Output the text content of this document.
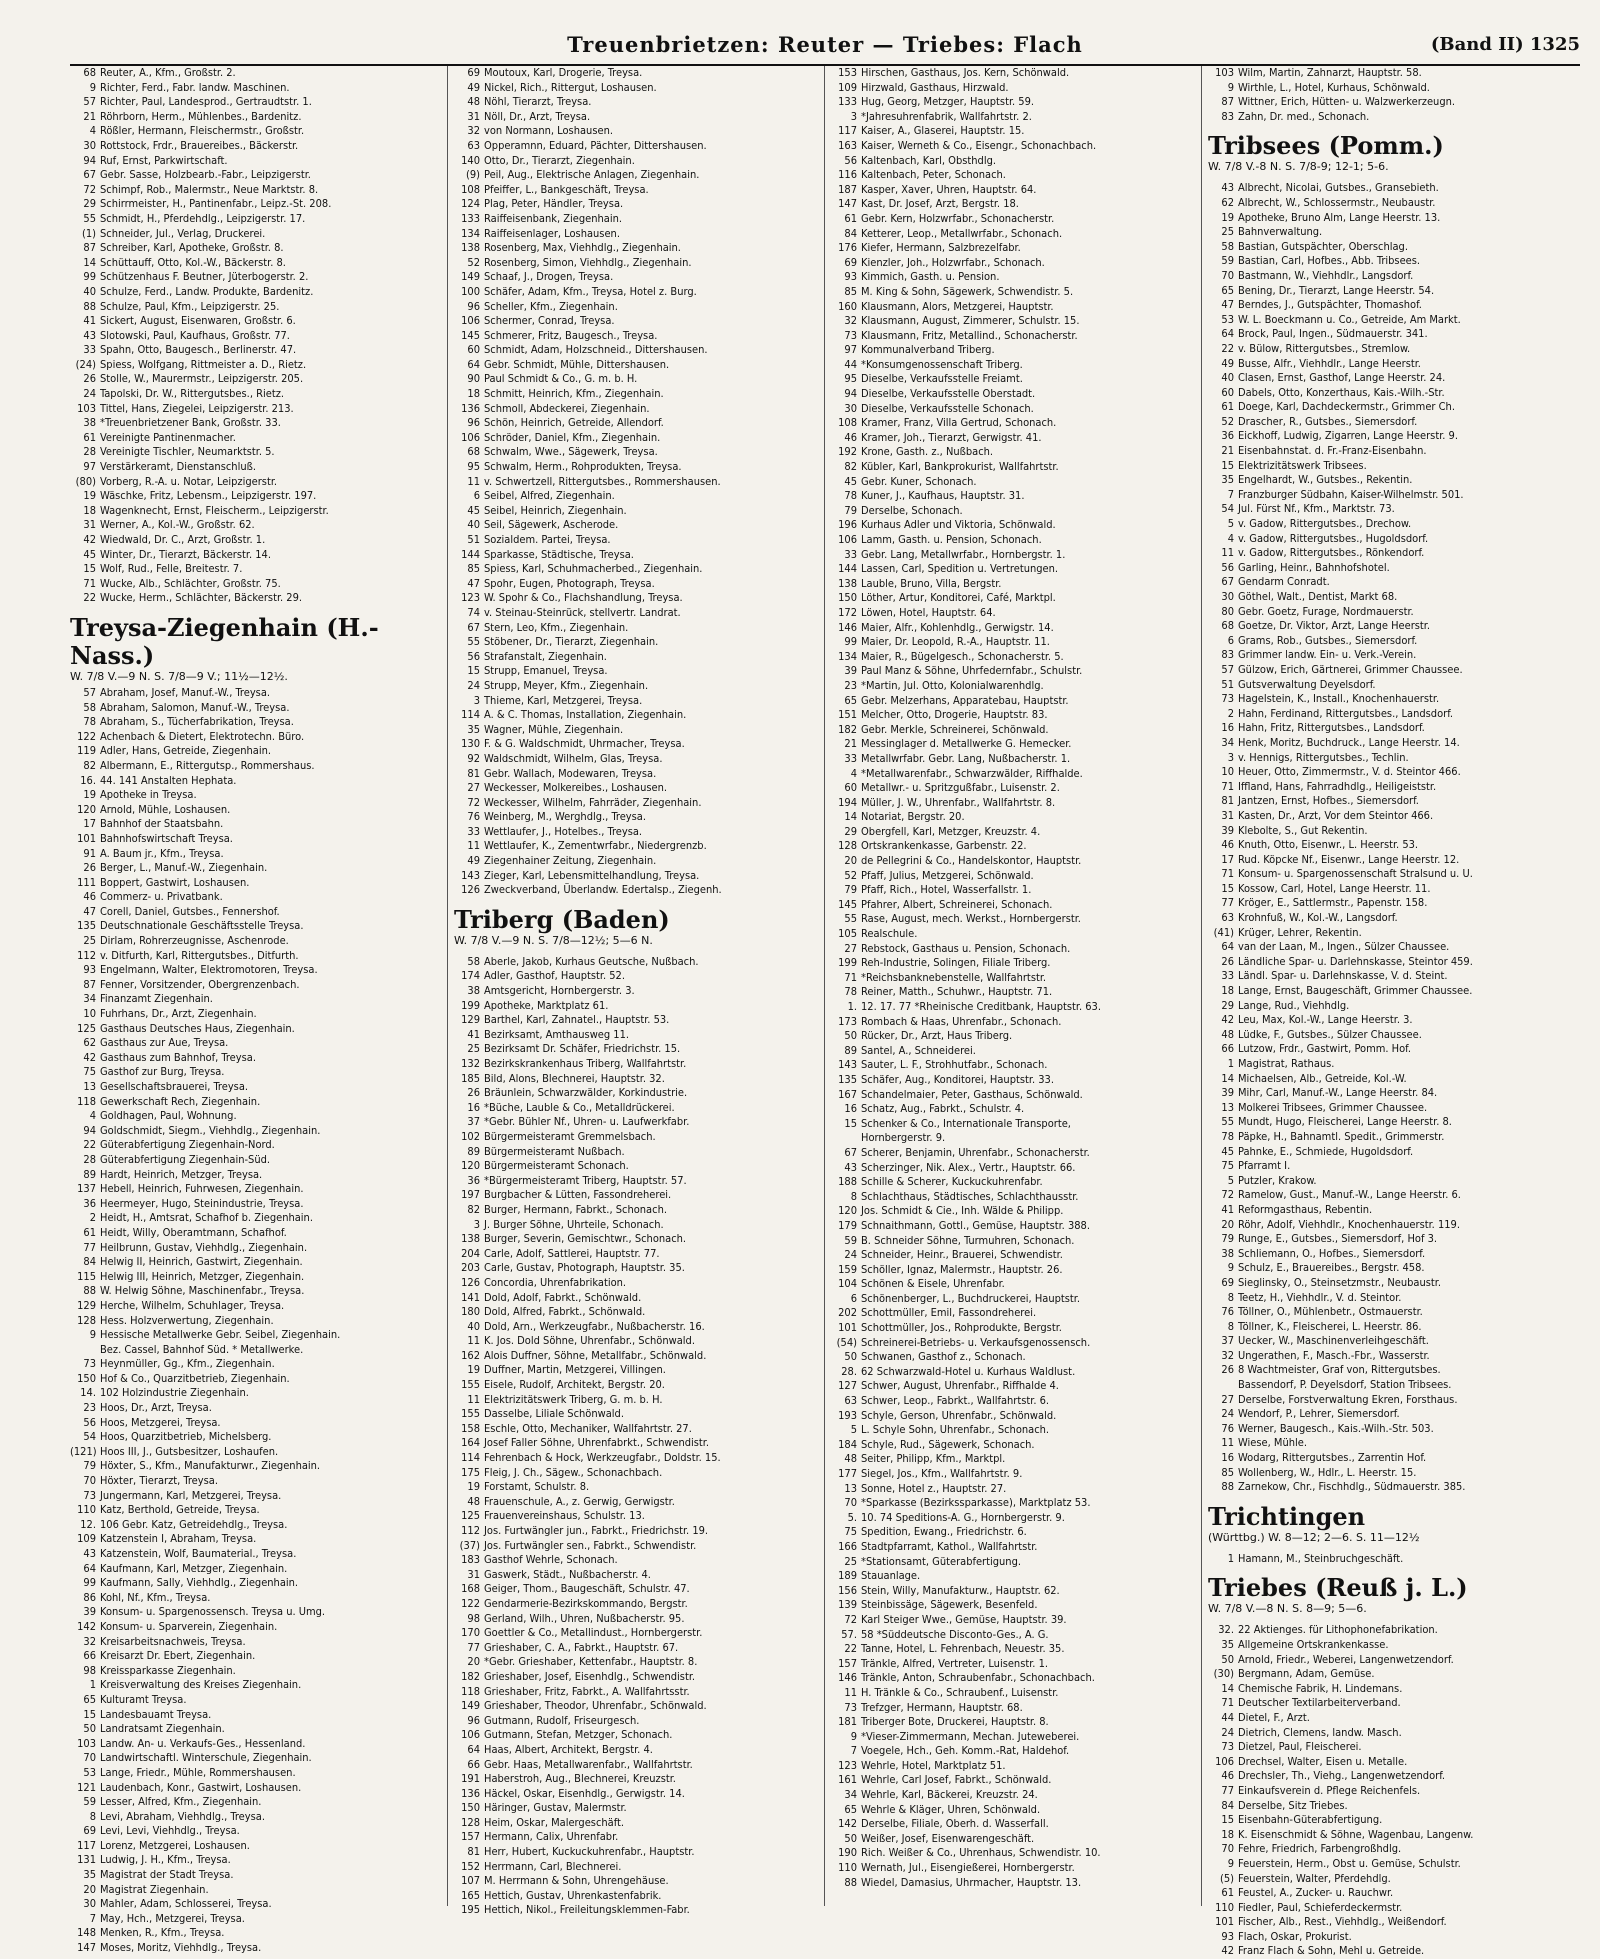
Treuenbrietzen: Reuter — Triebes: Flach	(Band II) 1325
68 Reuter, A., Kfm., Großstr. 2.
9 Richter, Ferd., Fabr. landw. Maschinen.
57 Richter, Paul, Landesprod., Gertraudtstr. 1.
21 Röhrborn, Herm., Mühlenbes., Bardenitz.
4 Rößler, Hermann, Fleischermstr., Großstr.
30 Rottstock, Frdr., Brauereibes., Bäckerstr.
94 Ruf, Ernst, Parkwirtschaft.
67 Gebr. Sasse, Holzbearb.-Fabr., Leipzigerstr.
72 Schimpf, Rob., Malermstr., Neue Marktstr. 8.
29 Schirrmeister, H., Pantinenfabr., Leipz.-St. 208.
55 Schmidt, H., Pferdehdlg., Leipzigerstr. 17.
(1) Schneider, Jul., Verlag, Druckerei.
87 Schreiber, Karl, Apotheke, Großstr. 8.
14 Schüttauff, Otto, Kol.-W., Bäckerstr. 8.
99 Schützenhaus F. Beutner, Jüterbogerstr. 2.
40 Schulze, Ferd., Landw. Produkte, Bardenitz.
88 Schulze, Paul, Kfm., Leipzigerstr. 25.
41 Sickert, August, Eisenwaren, Großstr. 6.
43 Slotowski, Paul, Kaufhaus, Großstr. 77.
33 Spahn, Otto, Baugesch., Berlinerstr. 47.
(24) Spiess, Wolfgang, Rittmeister a. D., Rietz.
26 Stolle, W., Maurermstr., Leipzigerstr. 205.
24 Tapolski, Dr. W., Rittergutsbes., Rietz.
103 Tittel, Hans, Ziegelei, Leipzigerstr. 213.
38 *Treuenbrietzener Bank, Großstr. 33.
61 Vereinigte Pantinenmacher.
28 Vereinigte Tischler, Neumarktstr. 5.
97 Verstärkeramt, Dienstanschluß.
(80) Vorberg, R.-A. u. Notar, Leipzigerstr.
19 Wäschke, Fritz, Lebensm., Leipzigerstr. 197.
18 Wagenknecht, Ernst, Fleischerm., Leipzigerstr.
31 Werner, A., Kol.-W., Großstr. 62.
42 Wiedwald, Dr. C., Arzt, Großstr. 1.
45 Winter, Dr., Tierarzt, Bäckerstr. 14.
15 Wolf, Rud., Felle, Breitestr. 7.
71 Wucke, Alb., Schlächter, Großstr. 75.
22 Wucke, Herm., Schlächter, Bäckerstr. 29.
Treysa-Ziegenhain (H.-Nass.)
W. 7/8 V.—9 N. S. 7/8—9 V.; 11½—12½.
57 Abraham, Josef, Manuf.-W., Treysa.
58 Abraham, Salomon, Manuf.-W., Treysa.
78 Abraham, S., Tücherfabrikation, Treysa.
122 Achenbach & Dietert, Elektrotechn. Büro.
119 Adler, Hans, Getreide, Ziegenhain.
82 Albermann, E., Rittergutsp., Rommershaus.
16. 44. 141 Anstalten Hephata.
19 Apotheke in Treysa.
120 Arnold, Mühle, Loshausen.
17 Bahnhof der Staatsbahn.
101 Bahnhofswirtschaft Treysa.
91 A. Baum jr., Kfm., Treysa.
26 Berger, L., Manuf.-W., Ziegenhain.
111 Boppert, Gastwirt, Loshausen.
46 Commerz- u. Privatbank.
47 Corell, Daniel, Gutsbes., Fennershof.
135 Deutschnationale Geschäftsstelle Treysa.
25 Dirlam, Rohrerzeugnisse, Aschenrode.
112 v. Ditfurth, Karl, Rittergutsbes., Ditfurth.
93 Engelmann, Walter, Elektromotoren, Treysa.
87 Fenner, Vorsitzender, Obergrenzenbach.
34 Finanzamt Ziegenhain.
10 Fuhrhans, Dr., Arzt, Ziegenhain.
125 Gasthaus Deutsches Haus, Ziegenhain.
62 Gasthaus zur Aue, Treysa.
42 Gasthaus zum Bahnhof, Treysa.
75 Gasthof zur Burg, Treysa.
13 Gesellschaftsbrauerei, Treysa.
118 Gewerkschaft Rech, Ziegenhain.
4 Goldhagen, Paul, Wohnung.
94 Goldschmidt, Siegm., Viehhdlg., Ziegenhain.
22 Güterabfertigung Ziegenhain-Nord.
28 Güterabfertigung Ziegenhain-Süd.
89 Hardt, Heinrich, Metzger, Treysa.
137 Hebell, Heinrich, Fuhrwesen, Ziegenhain.
36 Heermeyer, Hugo, Steinindustrie, Treysa.
2 Heidt, H., Amtsrat, Schafhof b. Ziegenhain.
61 Heidt, Willy, Oberamtmann, Schafhof.
77 Heilbrunn, Gustav, Viehhdlg., Ziegenhain.
84 Helwig II, Heinrich, Gastwirt, Ziegenhain.
115 Helwig III, Heinrich, Metzger, Ziegenhain.
88 W. Helwig Söhne, Maschinenfabr., Treysa.
129 Herche, Wilhelm, Schuhlager, Treysa.
128 Hess. Holzverwertung, Ziegenhain.
9 Hessische Metallwerke Gebr. Seibel, Ziegenhain.
Bez. Cassel, Bahnhof Süd. * Metallwerke.
73 Heynmüller, Gg., Kfm., Ziegenhain.
150 Hof & Co., Quarzitbetrieb, Ziegenhain.
14. 102 Holzindustrie Ziegenhain.
23 Hoos, Dr., Arzt, Treysa.
56 Hoos, Metzgerei, Treysa.
54 Hoos, Quarzitbetrieb, Michelsberg.
(121) Hoos III, J., Gutsbesitzer, Loshaufen.
79 Höxter, S., Kfm., Manufakturwr., Ziegenhain.
70 Höxter, Tierarzt, Treysa.
73 Jungermann, Karl, Metzgerei, Treysa.
110 Katz, Berthold, Getreide, Treysa.
12. 106 Gebr. Katz, Getreidehdlg., Treysa.
109 Katzenstein I, Abraham, Treysa.
43 Katzenstein, Wolf, Baumaterial., Treysa.
64 Kaufmann, Karl, Metzger, Ziegenhain.
99 Kaufmann, Sally, Viehhdlg., Ziegenhain.
86 Kohl, Nf., Kfm., Treysa.
39 Konsum- u. Spargenossensch. Treysa u. Umg.
142 Konsum- u. Sparverein, Ziegenhain.
32 Kreisarbeitsnachweis, Treysa.
66 Kreisarzt Dr. Ebert, Ziegenhain.
98 Kreissparkasse Ziegenhain.
1 Kreisverwaltung des Kreises Ziegenhain.
65 Kulturamt Treysa.
15 Landesbauamt Treysa.
50 Landratsamt Ziegenhain.
103 Landw. An- u. Verkaufs-Ges., Hessenland.
70 Landwirtschaftl. Winterschule, Ziegenhain.
53 Lange, Friedr., Mühle, Rommershausen.
121 Laudenbach, Konr., Gastwirt, Loshausen.
59 Lesser, Alfred, Kfm., Ziegenhain.
8 Levi, Abraham, Viehhdlg., Treysa.
69 Levi, Levi, Viehhdlg., Treysa.
117 Lorenz, Metzgerei, Loshausen.
131 Ludwig, J. H., Kfm., Treysa.
35 Magistrat der Stadt Treysa.
20 Magistrat Ziegenhain.
30 Mahler, Adam, Schlosserei, Treysa.
7 May, Hch., Metzgerei, Treysa.
148 Menken, R., Kfm., Treysa.
147 Moses, Moritz, Viehhdlg., Treysa.
69 Moutoux, Karl, Drogerie, Treysa.
49 Nickel, Rich., Rittergut, Loshausen.
48 Nöhl, Tierarzt, Treysa.
31 Nöll, Dr., Arzt, Treysa.
32 von Normann, Loshausen.
63 Opperamnn, Eduard, Pächter, Dittershausen.
140 Otto, Dr., Tierarzt, Ziegenhain.
(9) Peil, Aug., Elektrische Anlagen, Ziegenhain.
108 Pfeiffer, L., Bankgeschäft, Treysa.
124 Plag, Peter, Händler, Treysa.
133 Raiffeisenbank, Ziegenhain.
134 Raiffeisenlager, Loshausen.
138 Rosenberg, Max, Viehhdlg., Ziegenhain.
52 Rosenberg, Simon, Viehhdlg., Ziegenhain.
149 Schaaf, J., Drogen, Treysa.
100 Schäfer, Adam, Kfm., Treysa, Hotel z. Burg.
96 Scheller, Kfm., Ziegenhain.
106 Schermer, Conrad, Treysa.
145 Schmerer, Fritz, Baugesch., Treysa.
60 Schmidt, Adam, Holzschneid., Dittershausen.
64 Gebr. Schmidt, Mühle, Dittershausen.
90 Paul Schmidt & Co., G. m. b. H.
18 Schmitt, Heinrich, Kfm., Ziegenhain.
136 Schmoll, Abdeckerei, Ziegenhain.
96 Schön, Heinrich, Getreide, Allendorf.
106 Schröder, Daniel, Kfm., Ziegenhain.
68 Schwalm, Wwe., Sägewerk, Treysa.
95 Schwalm, Herm., Rohprodukten, Treysa.
11 v. Schwertzell, Rittergutsbes., Rommershausen.
6 Seibel, Alfred, Ziegenhain.
45 Seibel, Heinrich, Ziegenhain.
40 Seil, Sägewerk, Ascherode.
51 Sozialdem. Partei, Treysa.
144 Sparkasse, Städtische, Treysa.
85 Spiess, Karl, Schuhmacherbed., Ziegenhain.
47 Spohr, Eugen, Photograph, Treysa.
123 W. Spohr & Co., Flachshandlung, Treysa.
74 v. Steinau-Steinrück, stellvertr. Landrat.
67 Stern, Leo, Kfm., Ziegenhain.
55 Stöbener, Dr., Tierarzt, Ziegenhain.
56 Strafanstalt, Ziegenhain.
15 Strupp, Emanuel, Treysa.
24 Strupp, Meyer, Kfm., Ziegenhain.
3 Thieme, Karl, Metzgerei, Treysa.
114 A. & C. Thomas, Installation, Ziegenhain.
35 Wagner, Mühle, Ziegenhain.
130 F. & G. Waldschmidt, Uhrmacher, Treysa.
92 Waldschmidt, Wilhelm, Glas, Treysa.
81 Gebr. Wallach, Modewaren, Treysa.
27 Weckesser, Molkereibes., Loshausen.
72 Weckesser, Wilhelm, Fahrräder, Ziegenhain.
76 Weinberg, M., Werghdlg., Treysa.
33 Wettlaufer, J., Hotelbes., Treysa.
11 Wettlaufer, K., Zementwrfabr., Niedergrenzb.
49 Ziegenhainer Zeitung, Ziegenhain.
143 Zieger, Karl, Lebensmittelhandlung, Treysa.
126 Zweckverband, Überlandw. Edertalsp., Ziegenh.
Triberg (Baden)W. 7/8 V.—9 N. S. 7/8—12½; 5—6 N.
58 Aberle, Jakob, Kurhaus Geutsche, Nußbach.
174 Adler, Gasthof, Hauptstr. 52.
38 Amtsgericht, Hornbergerstr. 3.
199 Apotheke, Marktplatz 61.
129 Barthel, Karl, Zahnatel., Hauptstr. 53.
41 Bezirksamt, Amthausweg 11.
25 Bezirksamt Dr. Schäfer, Friedrichstr. 15.
132 Bezirkskrankenhaus Triberg, Wallfahrtstr.
185 Bild, Alons, Blechnerei, Hauptstr. 32.
26 Bräunlein, Schwarzwälder, Korkindustrie.
16 *Büche, Lauble & Co., Metalldrückerei.
37 *Gebr. Bühler Nf., Uhren- u. Laufwerkfabr.
102 Bürgermeisteramt Gremmelsbach.
89 Bürgermeisteramt Nußbach.
120 Bürgermeisteramt Schonach.
36 *Bürgermeisteramt Triberg, Hauptstr. 57.
197 Burgbacher & Lütten, Fassondreherei.
82 Burger, Hermann, Fabrkt., Schonach.
3 J. Burger Söhne, Uhrteile, Schonach.
138 Burger, Severin, Gemischtwr., Schonach.
204 Carle, Adolf, Sattlerei, Hauptstr. 77.
203 Carle, Gustav, Photograph, Hauptstr. 35.
126 Concordia, Uhrenfabrikation.
141 Dold, Adolf, Fabrkt., Schönwald.
180 Dold, Alfred, Fabrkt., Schönwald.
40 Dold, Arn., Werkzeugfabr., Nußbacherstr. 16.
11 K. Jos. Dold Söhne, Uhrenfabr., Schönwald.
162 Alois Duffner, Söhne, Metallfabr., Schönwald.
19 Duffner, Martin, Metzgerei, Villingen.
155 Eisele, Rudolf, Architekt, Bergstr. 20.
11 Elektrizitätswerk Triberg, G. m. b. H.
155 Dasselbe, Liliale Schönwald.
158 Eschle, Otto, Mechaniker, Wallfahrtstr. 27.
164 Josef Faller Söhne, Uhrenfabrkt., Schwendistr.
114 Fehrenbach & Hock, Werkzeugfabr., Doldstr. 15.
175 Fleig, J. Ch., Sägew., Schonachbach.
19 Forstamt, Schulstr. 8.
48 Frauenschule, A., z. Gerwig, Gerwigstr.
125 Frauenvereinshaus, Schulstr. 13.
112 Jos. Furtwängler jun., Fabrkt., Friedrichstr. 19.
(37) Jos. Furtwängler sen., Fabrkt., Schwendistr.
183 Gasthof Wehrle, Schonach.
31 Gaswerk, Städt., Nußbacherstr. 4.
168 Geiger, Thom., Baugeschäft, Schulstr. 47.
122 Gendarmerie-Bezirkskommando, Bergstr.
98 Gerland, Wilh., Uhren, Nußbacherstr. 95.
170 Goettler & Co., Metallindust., Hornbergerstr.
77 Grieshaber, C. A., Fabrkt., Hauptstr. 67.
20 *Gebr. Grieshaber, Kettenfabr., Hauptstr. 8.
182 Grieshaber, Josef, Eisenhdlg., Schwendistr.
118 Grieshaber, Fritz, Fabrkt., A. Wallfahrtsstr.
149 Grieshaber, Theodor, Uhrenfabr., Schönwald.
96 Gutmann, Rudolf, Friseurgesch.
106 Gutmann, Stefan, Metzger, Schonach.
64 Haas, Albert, Architekt, Bergstr. 4.
66 Gebr. Haas, Metallwarenfabr., Wallfahrtstr.
191 Haberstroh, Aug., Blechnerei, Kreuzstr.
136 Häckel, Oskar, Eisenhdlg., Gerwigstr. 14.
150 Häringer, Gustav, Malermstr.
128 Heim, Oskar, Malergeschäft.
157 Hermann, Calix, Uhrenfabr.
81 Herr, Hubert, Kuckuckuhrenfabr., Hauptstr.
152 Herrmann, Carl, Blechnerei.
107 M. Herrmann & Sohn, Uhrengehäuse.
165 Hettich, Gustav, Uhrenkastenfabrik.
195 Hettich, Nikol., Freileitungsklemmen-Fabr.
153 Hirschen, Gasthaus, Jos. Kern, Schönwald.
109 Hirzwald, Gasthaus, Hirzwald.
133 Hug, Georg, Metzger, Hauptstr. 59.
3 *Jahresuhrenfabrik, Wallfahrtstr. 2.
117 Kaiser, A., Glaserei, Hauptstr. 15.
163 Kaiser, Werneth & Co., Eisengr., Schonachbach.
56 Kaltenbach, Karl, Obsthdlg.
116 Kaltenbach, Peter, Schonach.
187 Kasper, Xaver, Uhren, Hauptstr. 64.
147 Kast, Dr. Josef, Arzt, Bergstr. 18.
61 Gebr. Kern, Holzwrfabr., Schonacherstr.
84 Ketterer, Leop., Metallwrfabr., Schonach.
176 Kiefer, Hermann, Salzbrezelfabr.
69 Kienzler, Joh., Holzwrfabr., Schonach.
93 Kimmich, Gasth. u. Pension.
85 M. King & Sohn, Sägewerk, Schwendistr. 5.
160 Klausmann, Alors, Metzgerei, Hauptstr.
32 Klausmann, August, Zimmerer, Schulstr. 15.
73 Klausmann, Fritz, Metallind., Schonacherstr.
97 Kommunalverband Triberg.
44 *Konsumgenossenschaft Triberg.
95 Dieselbe, Verkaufsstelle Freiamt.
94 Dieselbe, Verkaufsstelle Oberstadt.
30 Dieselbe, Verkaufsstelle Schonach.
108 Kramer, Franz, Villa Gertrud, Schonach.
46 Kramer, Joh., Tierarzt, Gerwigstr. 41.
192 Krone, Gasth. z., Nußbach.
82 Kübler, Karl, Bankprokurist, Wallfahrtstr.
45 Gebr. Kuner, Schonach.
78 Kuner, J., Kaufhaus, Hauptstr. 31.
79 Derselbe, Schonach.
196 Kurhaus Adler und Viktoria, Schönwald.
106 Lamm, Gasth. u. Pension, Schonach.
33 Gebr. Lang, Metallwrfabr., Hornbergstr. 1.
144 Lassen, Carl, Spedition u. Vertretungen.
138 Lauble, Bruno, Villa, Bergstr.
150 Löther, Artur, Konditorei, Café, Marktpl.
172 Löwen, Hotel, Hauptstr. 64.
146 Maier, Alfr., Kohlenhdlg., Gerwigstr. 14.
99 Maier, Dr. Leopold, R.-A., Hauptstr. 11.
134 Maier, R., Bügelgesch., Schonacherstr. 5.
39 Paul Manz & Söhne, Uhrfedernfabr., Schulstr.
23 *Martin, Jul. Otto, Kolonialwarenhdlg.
65 Gebr. Melzerhans, Apparatebau, Hauptstr.
151 Melcher, Otto, Drogerie, Hauptstr. 83.
182 Gebr. Merkle, Schreinerei, Schönwald.
21 Messinglager d. Metallwerke G. Hemecker.
33 Metallwrfabr. Gebr. Lang, Nußbacherstr. 1.
4 *Metallwarenfabr., Schwarzwälder, Riffhalde.
60 Metallwr.- u. Spritzgußfabr., Luisenstr. 2.
194 Müller, J. W., Uhrenfabr., Wallfahrtstr. 8.
14 Notariat, Bergstr. 20.
29 Obergfell, Karl, Metzger, Kreuzstr. 4.
128 Ortskrankenkasse, Garbenstr. 22.
20 de Pellegrini & Co., Handelskontor, Hauptstr.
52 Pfaff, Julius, Metzgerei, Schönwald.
79 Pfaff, Rich., Hotel, Wasserfallstr. 1.
145 Pfahrer, Albert, Schreinerei, Schonach.
55 Rase, August, mech. Werkst., Hornbergerstr.
105 Realschule.
27 Rebstock, Gasthaus u. Pension, Schonach.
199 Reh-Industrie, Solingen, Filiale Triberg.
71 *Reichsbanknebenstelle, Wallfahrtstr.
78 Reiner, Matth., Schuhwr., Hauptstr. 71.
1. 12. 17. 77 *Rheinische Creditbank, Hauptstr. 63.
173 Rombach & Haas, Uhrenfabr., Schonach.
50 Rücker, Dr., Arzt, Haus Triberg.
89 Santel, A., Schneiderei.
143 Sauter, L. F., Strohhutfabr., Schonach.
135 Schäfer, Aug., Konditorei, Hauptstr. 33.
167 Schandelmaier, Peter, Gasthaus, Schönwald.
16 Schatz, Aug., Fabrkt., Schulstr. 4.
15 Schenker & Co., Internationale Transporte,
Hornbergerstr. 9.
67 Scherer, Benjamin, Uhrenfabr., Schonacherstr.
43 Scherzinger, Nik. Alex., Vertr., Hauptstr. 66.
188 Schille & Scherer, Kuckuckuhrenfabr.
8 Schlachthaus, Städtisches, Schlachthausstr.
120 Jos. Schmidt & Cie., Inh. Wälde & Philipp.
179 Schnaithmann, Gottl., Gemüse, Hauptstr. 388.
59 B. Schneider Söhne, Turmuhren, Schonach.
24 Schneider, Heinr., Brauerei, Schwendistr.
159 Schöller, Ignaz, Malermstr., Hauptstr. 26.
104 Schönen & Eisele, Uhrenfabr.
6 Schönenberger, L., Buchdruckerei, Hauptstr.
202 Schottmüller, Emil, Fassondreherei.
101 Schottmüller, Jos., Rohprodukte, Bergstr.
(54) Schreinerei-Betriebs- u. Verkaufsgenossensch.
50 Schwanen, Gasthof z., Schonach.
28. 62 Schwarzwald-Hotel u. Kurhaus Waldlust.
127 Schwer, August, Uhrenfabr., Riffhalde 4.
63 Schwer, Leop., Fabrkt., Wallfahrtstr. 6.
193 Schyle, Gerson, Uhrenfabr., Schönwald.
5 L. Schyle Sohn, Uhrenfabr., Schonach.
184 Schyle, Rud., Sägewerk, Schonach.
48 Seiter, Philipp, Kfm., Marktpl.
177 Siegel, Jos., Kfm., Wallfahrtstr. 9.
13 Sonne, Hotel z., Hauptstr. 27.
70 *Sparkasse (Bezirkssparkasse), Marktplatz 53.
5. 10. 74 Speditions-A. G., Hornbergerstr. 9.
75 Spedition, Ewang., Friedrichstr. 6.
166 Stadtpfarramt, Kathol., Wallfahrtstr.
25 *Stationsamt, Güterabfertigung.
189 Stauanlage.
156 Stein, Willy, Manufakturw., Hauptstr. 62.
139 Steinbissäge, Sägewerk, Besenfeld.
72 Karl Steiger Wwe., Gemüse, Hauptstr. 39.
57. 58 *Süddeutsche Disconto-Ges., A. G.
22 Tanne, Hotel, L. Fehrenbach, Neuestr. 35.
157 Tränkle, Alfred, Vertreter, Luisenstr. 1.
146 Tränkle, Anton, Schraubenfabr., Schonachbach.
11 H. Tränkle & Co., Schraubenf., Luisenstr.
73 Trefzger, Hermann, Hauptstr. 68.
181 Triberger Bote, Druckerei, Hauptstr. 8.
9 *Vieser-Zimmermann, Mechan. Juteweberei.
7 Voegele, Hch., Geh. Komm.-Rat, Haldehof.
123 Wehrle, Hotel, Marktplatz 51.
161 Wehrle, Carl Josef, Fabrkt., Schönwald.
34 Wehrle, Karl, Bäckerei, Kreuzstr. 24.
65 Wehrle & Kläger, Uhren, Schönwald.
142 Derselbe, Filiale, Oberh. d. Wasserfall.
50 Weißer, Josef, Eisenwarengeschäft.
190 Rich. Weißer & Co., Uhrenhaus, Schwendistr. 10.
110 Wernath, Jul., Eisengießerei, Hornbergerstr.
88 Wiedel, Damasius, Uhrmacher, Hauptstr. 13.
103 Wilm, Martin, Zahnarzt, Hauptstr. 58.
9 Wirthle, L., Hotel, Kurhaus, Schönwald.
87 Wittner, Erich, Hütten- u. Walzwerkerzeugn.
83 Zahn, Dr. med., Schonach.
Tribsees (Pomm.)W. 7/8 V.-8 N. S. 7/8-9; 12-1; 5-6.
43 Albrecht, Nicolai, Gutsbes., Gransebieth.
62 Albrecht, W., Schlossermstr., Neubaustr.
19 Apotheke, Bruno Alm, Lange Heerstr. 13.
25 Bahnverwaltung.
58 Bastian, Gutspächter, Oberschlag.
59 Bastian, Carl, Hofbes., Abb. Tribsees.
70 Bastmann, W., Viehhdlr., Langsdorf.
65 Bening, Dr., Tierarzt, Lange Heerstr. 54.
47 Berndes, J., Gutspächter, Thomashof.
53 W. L. Boeckmann u. Co., Getreide, Am Markt.
64 Brock, Paul, Ingen., Südmauerstr. 341.
22 v. Bülow, Rittergutsbes., Stremlow.
49 Busse, Alfr., Viehhdlr., Lange Heerstr.
40 Clasen, Ernst, Gasthof, Lange Heerstr. 24.
60 Dabels, Otto, Konzerthaus, Kais.-Wilh.-Str.
61 Doege, Karl, Dachdeckermstr., Grimmer Ch.
52 Drascher, R., Gutsbes., Siemersdorf.
36 Eickhoff, Ludwig, Zigarren, Lange Heerstr. 9.
21 Eisenbahnstat. d. Fr.-Franz-Eisenbahn.
15 Elektrizitätswerk Tribsees.
35 Engelhardt, W., Gutsbes., Rekentin.
7 Franzburger Südbahn, Kaiser-Wilhelmstr. 501.
54 Jul. Fürst Nf., Kfm., Marktstr. 73.
5 v. Gadow, Rittergutsbes., Drechow.
4 v. Gadow, Rittergutsbes., Hugoldsdorf.
11 v. Gadow, Rittergutsbes., Rönkendorf.
56 Garling, Heinr., Bahnhofshotel.
67 Gendarm Conradt.
30 Göthel, Walt., Dentist, Markt 68.
80 Gebr. Goetz, Furage, Nordmauerstr.
68 Goetze, Dr. Viktor, Arzt, Lange Heerstr.
6 Grams, Rob., Gutsbes., Siemersdorf.
83 Grimmer landw. Ein- u. Verk.-Verein.
57 Gülzow, Erich, Gärtnerei, Grimmer Chaussee.
51 Gutsverwaltung Deyelsdorf.
73 Hagelstein, K., Install., Knochenhauerstr.
2 Hahn, Ferdinand, Rittergutsbes., Landsdorf.
16 Hahn, Fritz, Rittergutsbes., Landsdorf.
34 Henk, Moritz, Buchdruck., Lange Heerstr. 14.
3 v. Hennigs, Rittergutsbes., Techlin.
10 Heuer, Otto, Zimmermstr., V. d. Steintor 466.
71 Iffland, Hans, Fahrradhdlg., Heiligeiststr.
81 Jantzen, Ernst, Hofbes., Siemersdorf.
31 Kasten, Dr., Arzt, Vor dem Steintor 466.
39 Klebolte, S., Gut Rekentin.
46 Knuth, Otto, Eisenwr., L. Heerstr. 53.
17 Rud. Köpcke Nf., Eisenwr., Lange Heerstr. 12.
71 Konsum- u. Spargenossenschaft Stralsund u. U.
15 Kossow, Carl, Hotel, Lange Heerstr. 11.
77 Kröger, E., Sattlermstr., Papenstr. 158.
63 Krohnfuß, W., Kol.-W., Langsdorf.
(41) Krüger, Lehrer, Rekentin.
64 van der Laan, M., Ingen., Sülzer Chaussee.
26 Ländliche Spar- u. Darlehnskasse, Steintor 459.
33 Ländl. Spar- u. Darlehnskasse, V. d. Steint.
18 Lange, Ernst, Baugeschäft, Grimmer Chaussee.
29 Lange, Rud., Viehhdlg.
42 Leu, Max, Kol.-W., Lange Heerstr. 3.
48 Lüdke, F., Gutsbes., Sülzer Chaussee.
66 Lutzow, Frdr., Gastwirt, Pomm. Hof.
1 Magistrat, Rathaus.
14 Michaelsen, Alb., Getreide, Kol.-W.
39 Mihr, Carl, Manuf.-W., Lange Heerstr. 84.
13 Molkerei Tribsees, Grimmer Chaussee.
55 Mundt, Hugo, Fleischerei, Lange Heerstr. 8.
78 Päpke, H., Bahnamtl. Spedit., Grimmerstr.
45 Pahnke, E., Schmiede, Hugoldsdorf.
75 Pfarramt I.
5 Putzler, Krakow.
72 Ramelow, Gust., Manuf.-W., Lange Heerstr. 6.
41 Reformgasthaus, Rebentin.
20 Röhr, Adolf, Viehhdlr., Knochenhauerstr. 119.
79 Runge, E., Gutsbes., Siemersdorf, Hof 3.
38 Schliemann, O., Hofbes., Siemersdorf.
9 Schulz, E., Brauereibes., Bergstr. 458.
69 Sieglinsky, O., Steinsetzmstr., Neubaustr.
8 Teetz, H., Viehhdlr., V. d. Steintor.
76 Töllner, O., Mühlenbetr., Ostmauerstr.
8 Töllner, K., Fleischerei, L. Heerstr. 86.
37 Uecker, W., Maschinenverleihgeschäft.
32 Ungerathen, F., Masch.-Fbr., Wasserstr.
26 8 Wachtmeister, Graf von, Rittergutsbes.
Bassendorf, P. Deyelsdorf, Station Tribsees.
27 Derselbe, Forstverwaltung Ekren, Forsthaus.
24 Wendorf, P., Lehrer, Siemersdorf.
76 Werner, Baugesch., Kais.-Wilh.-Str. 503.
11 Wiese, Mühle.
16 Wodarg, Rittergutsbes., Zarrentin Hof.
85 Wollenberg, W., Hdlr., L. Heerstr. 15.
88 Zarnekow, Chr., Fischhdlg., Südmauerstr. 385.
Trichtingen(Württbg.) W. 8—12; 2—6. S. 11—12½
1 Hamann, M., Steinbruchgeschäft.
Triebes (Reuß j. L.)W. 7/8 V.—8 N. S. 8—9; 5—6.
32. 22 Aktienges. für Lithophonefabrikation.
35 Allgemeine Ortskrankenkasse.
50 Arnold, Friedr., Weberei, Langenwetzendorf.
(30) Bergmann, Adam, Gemüse.
14 Chemische Fabrik, H. Lindemans.
71 Deutscher Textilarbeiterverband.
44 Dietel, F., Arzt.
24 Dietrich, Clemens, landw. Masch.
73 Dietzel, Paul, Fleischerei.
106 Drechsel, Walter, Eisen u. Metalle.
46 Drechsler, Th., Viehg., Langenwetzendorf.
77 Einkaufsverein d. Pflege Reichenfels.
84 Derselbe, Sitz Triebes.
15 Eisenbahn-Güterabfertigung.
18 K. Eisenschmidt & Söhne, Wagenbau, Langenw.
70 Fehre, Friedrich, Farbengroßhdlg.
9 Feuerstein, Herm., Obst u. Gemüse, Schulstr.
(5) Feuerstein, Walter, Pferdehdlg.
61 Feustel, A., Zucker- u. Rauchwr.
110 Fiedler, Paul, Schieferdeckermstr.
101 Fischer, Alb., Rest., Viehhdlg., Weißendorf.
93 Flach, Oskar, Prokurist.
42 Franz Flach & Sohn, Mehl u. Getreide.
